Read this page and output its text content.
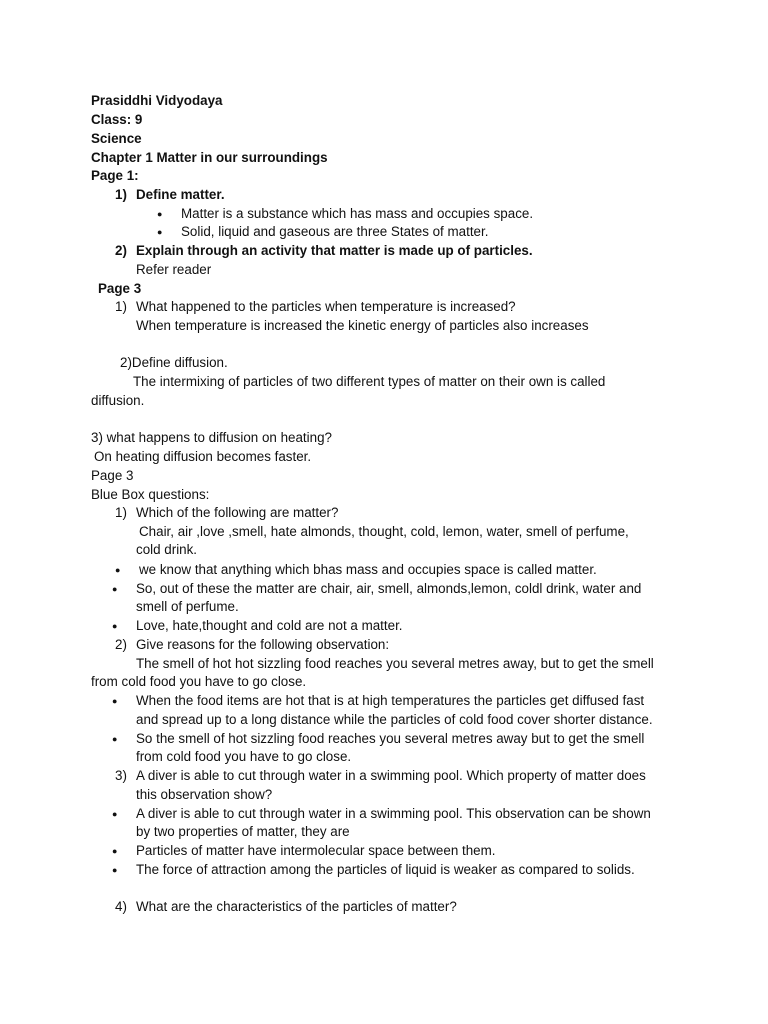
Prasiddhi Vidyodaya
Class: 9
Science
Chapter 1 Matter in our surroundings
Page 1:
1) Define matter.
● Matter is a substance which has mass and occupies space.
● Solid, liquid and gaseous are three States of matter.
2) Explain through an activity that matter is made up of particles.
Refer reader
Page 3
1) What happened to the particles when temperature is increased?
When temperature is increased the kinetic energy of particles also increases
2)Define diffusion.
The intermixing of particles of two different types of matter on their own is called
diffusion.
3) what happens to diffusion on heating?
On heating diffusion becomes faster.
Page 3
Blue Box questions:
1) Which of the following are matter?
Chair, air ,love ,smell, hate almonds, thought, cold, lemon, water, smell of perfume,
cold drink.
● we know that anything which bhas mass and occupies space is called matter.
● So, out of these the matter are chair, air, smell, almonds,lemon, coldl drink, water and
smell of perfume.
● Love, hate,thought and cold are not a matter.
2) Give reasons for the following observation:
The smell of hot hot sizzling food reaches you several metres away, but to get the smell
from cold food you have to go close.
● When the food items are hot that is at high temperatures the particles get diffused fast
and spread up to a long distance while the particles of cold food cover shorter distance.
● So the smell of hot sizzling food reaches you several metres away but to get the smell
from cold food you have to go close.
3) A diver is able to cut through water in a swimming pool. Which property of matter does
this observation show?
● A diver is able to cut through water in a swimming pool. This observation can be shown
by two properties of matter, they are
● Particles of matter have intermolecular space between them.
● The force of attraction among the particles of liquid is weaker as compared to solids.
4) What are the characteristics of the particles of matter?
